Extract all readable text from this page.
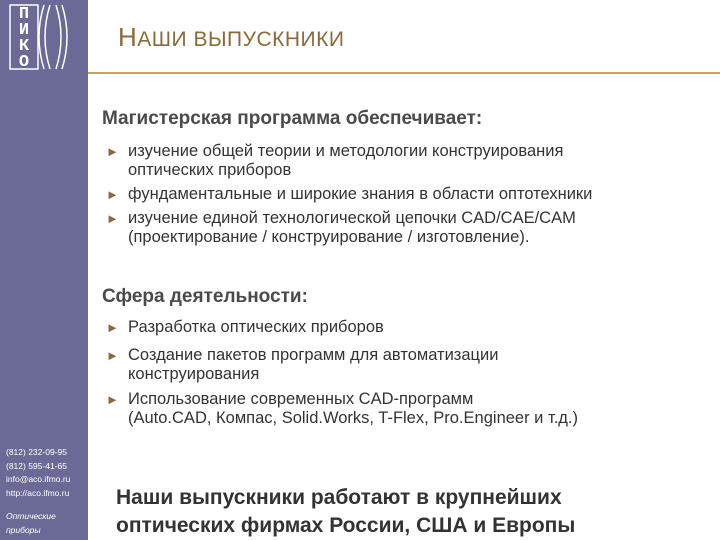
П
И
К
О
(812) 232-09-95
(812) 595-41-65
info@aco.ifmo.ru
http://aco.ifmo.ru
Оптические
приборы
НАШИ ВЫПУСКНИКИ
Магистерская программа обеспечивает:
► изучение общей теории и методологии конструирования
оптических приборов
► фундаментальные и широкие знания в области оптотехники
► изучение единой технологической цепочки CAD/CAE/CAM
(проектирование / конструирование / изготовление).
Сфера деятельности:
► Разработка оптических приборов
► Создание пакетов программ для автоматизации
конструирования
► Использование современных CAD-программ
(Auto.CAD, Компас, Solid.Works, T-Flex, Pro.Engineer и т.д.)
Наши выпускники работают в крупнейших
оптических фирмах России, США и Европы
